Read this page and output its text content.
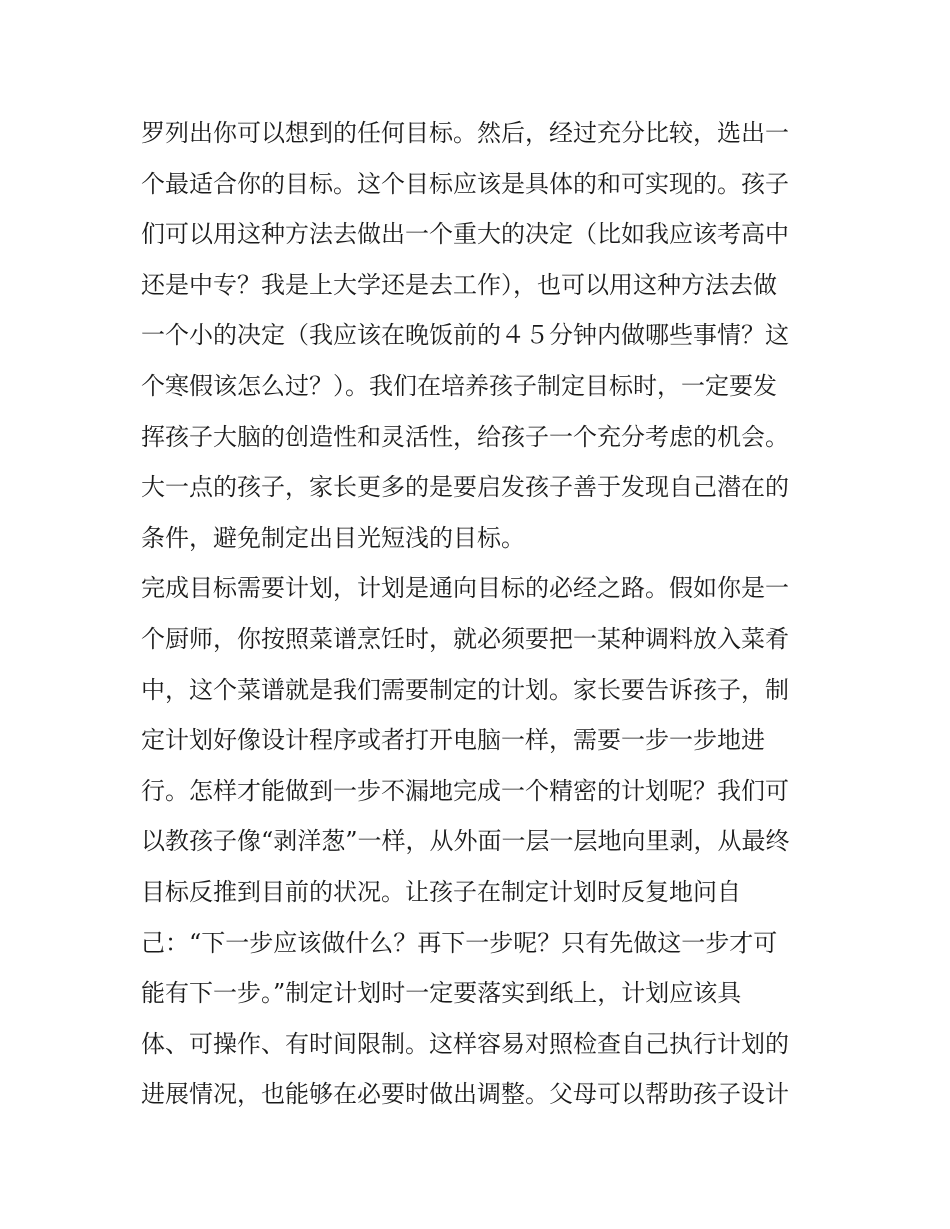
罗列出你可以想到的任何目标。然后，经过充分比较，选出一
个最适合你的目标。这个目标应该是具体的和可实现的。孩子
们可以用这种方法去做出一个重大的决定（比如我应该考高中
还是中专？我是上大学还是去工作），也可以用这种方法去做
一个小的决定（我应该在晚饭前的４５分钟内做哪些事情？这
个寒假该怎么过？）。我们在培养孩子制定目标时，一定要发
挥孩子大脑的创造性和灵活性，给孩子一个充分考虑的机会。
大一点的孩子，家长更多的是要启发孩子善于发现自己潜在的
条件，避免制定出目光短浅的目标。
完成目标需要计划，计划是通向目标的必经之路。假如你是一
个厨师，你按照菜谱烹饪时，就必须要把一某种调料放入菜肴
中，这个菜谱就是我们需要制定的计划。家长要告诉孩子，制
定计划好像设计程序或者打开电脑一样，需要一步一步地进
行。怎样才能做到一步不漏地完成一个精密的计划呢？我们可
以教孩子像“剥洋葱”一样，从外面一层一层地向里剥，从最终
目标反推到目前的状况。让孩子在制定计划时反复地问自
己：“下一步应该做什么？再下一步呢？只有先做这一步才可
能有下一步。”制定计划时一定要落实到纸上，计划应该具
体、可操作、有时间限制。这样容易对照检查自己执行计划的
进展情况，也能够在必要时做出调整。父母可以帮助孩子设计
